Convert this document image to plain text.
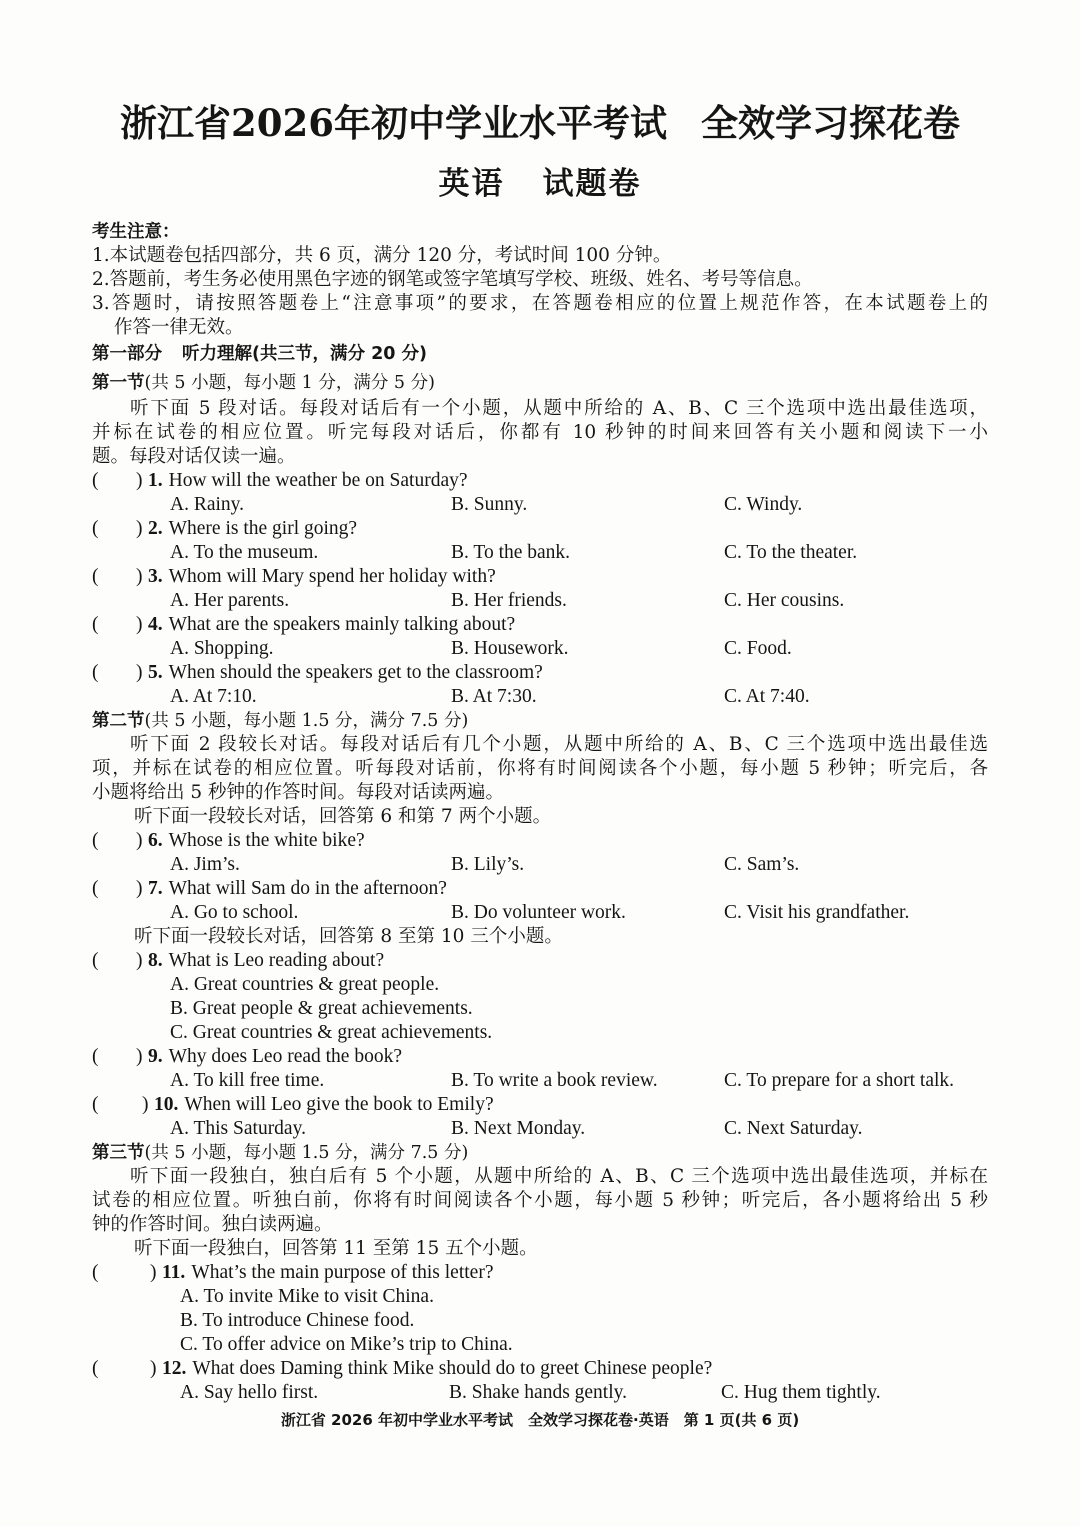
浙江省2026年初中学业水平考试 全效学习探花卷
英语 试题卷
考生注意：
1.本试题卷包括四部分，共 6 页，满分 120 分，考试时间 100 分钟。
2.答题前，考生务必使用黑色字迹的钢笔或签字笔填写学校、班级、姓名、考号等信息。
3.答题时，请按照答题卷上“注意事项”的要求，在答题卷相应的位置上规范作答，在本试题卷上的
作答一律无效。
第一部分 听力理解(共三节，满分 20 分)
第一节(共 5 小题，每小题 1 分，满分 5 分)
听下面 5 段对话。每段对话后有一个小题，从题中所给的 A、B、C 三个选项中选出最佳选项，
并标在试卷的相应位置。听完每段对话后，你都有 10 秒钟的时间来回答有关小题和阅读下一小
题。每段对话仅读一遍。
( ) 1. How will the weather be on Saturday?
A. Rainy.	B. Sunny.	C. Windy.
( ) 2. Where is the girl going?
A. To the museum.	B. To the bank.	C. To the theater.
( ) 3. Whom will Mary spend her holiday with?
A. Her parents.	B. Her friends.	C. Her cousins.
( ) 4. What are the speakers mainly talking about?
A. Shopping.	B. Housework.	C. Food.
( ) 5. When should the speakers get to the classroom?
A. At 7:10.	B. At 7:30.	C. At 7:40.
第二节(共 5 小题，每小题 1.5 分，满分 7.5 分)
听下面 2 段较长对话。每段对话后有几个小题，从题中所给的 A、B、C 三个选项中选出最佳选
项，并标在试卷的相应位置。听每段对话前，你将有时间阅读各个小题，每小题 5 秒钟；听完后，各
小题将给出 5 秒钟的作答时间。每段对话读两遍。
听下面一段较长对话，回答第 6 和第 7 两个小题。
( ) 6. Whose is the white bike?
A. Jim’s.	B. Lily’s.	C. Sam’s.
( ) 7. What will Sam do in the afternoon?
A. Go to school.	B. Do volunteer work.	C. Visit his grandfather.
听下面一段较长对话，回答第 8 至第 10 三个小题。
( ) 8. What is Leo reading about?
A. Great countries & great people.
B. Great people & great achievements.
C. Great countries & great achievements.
( ) 9. Why does Leo read the book?
A. To kill free time.	B. To write a book review.	C. To prepare for a short talk.
( ) 10. When will Leo give the book to Emily?
A. This Saturday.	B. Next Monday.	C. Next Saturday.
第三节(共 5 小题，每小题 1.5 分，满分 7.5 分)
听下面一段独白，独白后有 5 个小题，从题中所给的 A、B、C 三个选项中选出最佳选项，并标在
试卷的相应位置。听独白前，你将有时间阅读各个小题，每小题 5 秒钟；听完后，各小题将给出 5 秒
钟的作答时间。独白读两遍。
听下面一段独白，回答第 11 至第 15 五个小题。
(	) 11. What’s the main purpose of this letter?
A. To invite Mike to visit China.
B. To introduce Chinese food.
C. To offer advice on Mike’s trip to China.
(	) 12. What does Daming think Mike should do to greet Chinese people?
A. Say hello first.	B. Shake hands gently.	C. Hug them tightly.
浙江省 2026 年初中学业水平考试　全效学习探花卷·英语　第 1 页(共 6 页)
